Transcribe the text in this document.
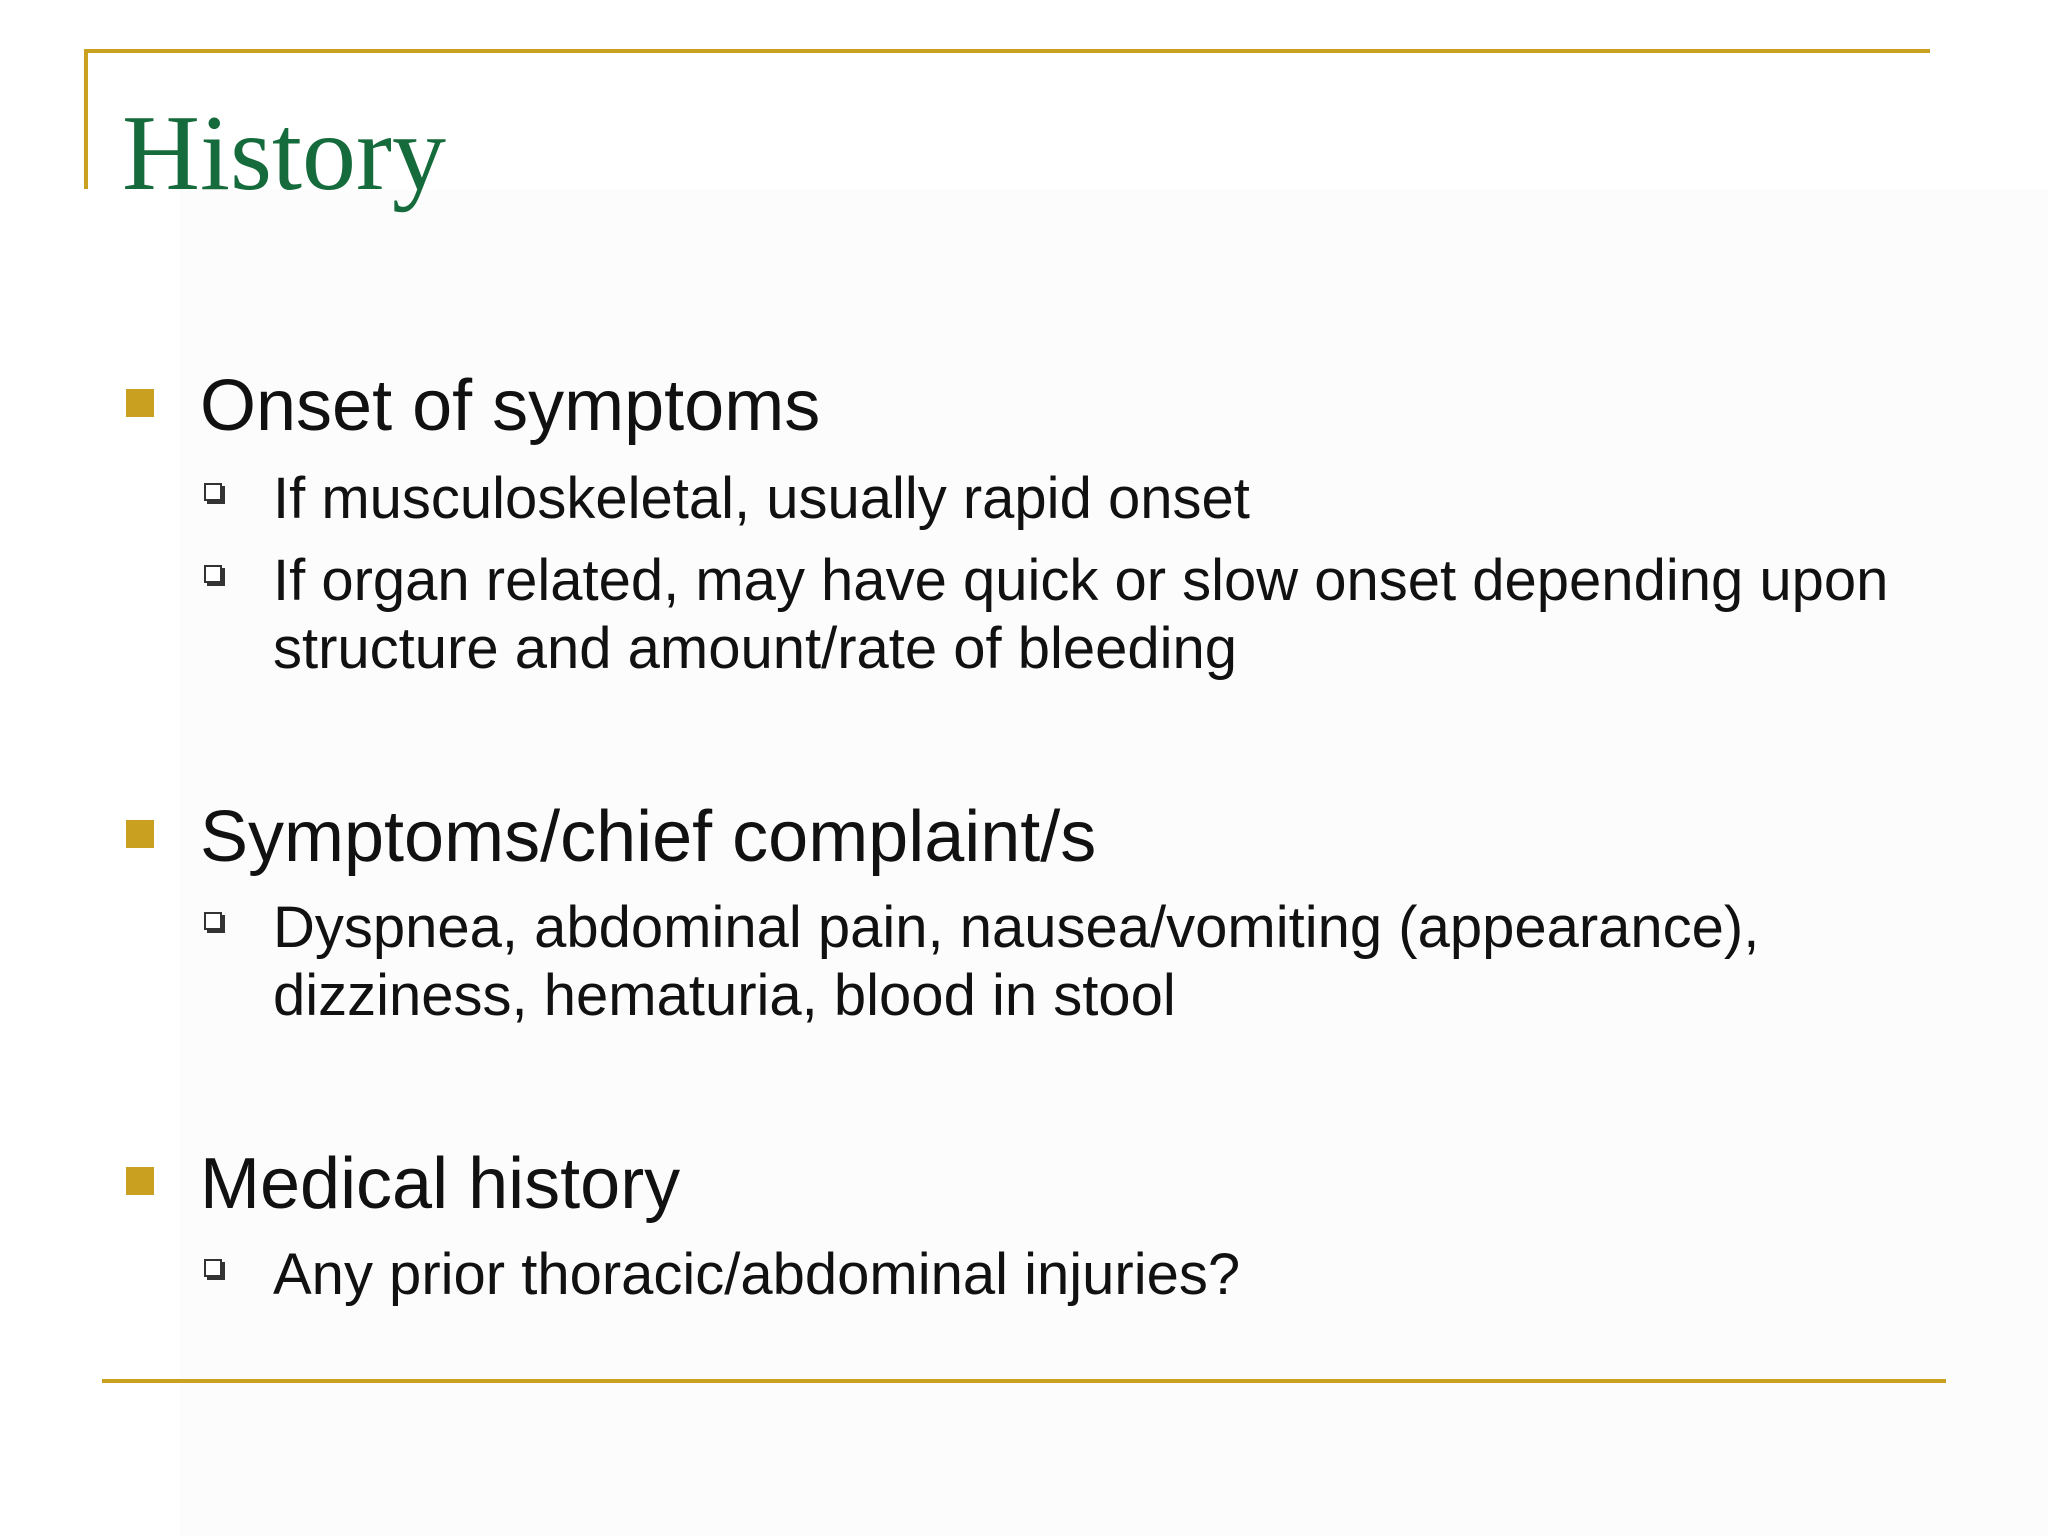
History
Onset of symptoms
If musculoskeletal, usually rapid onset
If organ related, may have quick or slow onset depending upon structure and amount/rate of bleeding
Symptoms/chief complaint/s
Dyspnea, abdominal pain, nausea/vomiting (appearance), dizziness, hematuria, blood in stool
Medical history
Any prior thoracic/abdominal injuries?
